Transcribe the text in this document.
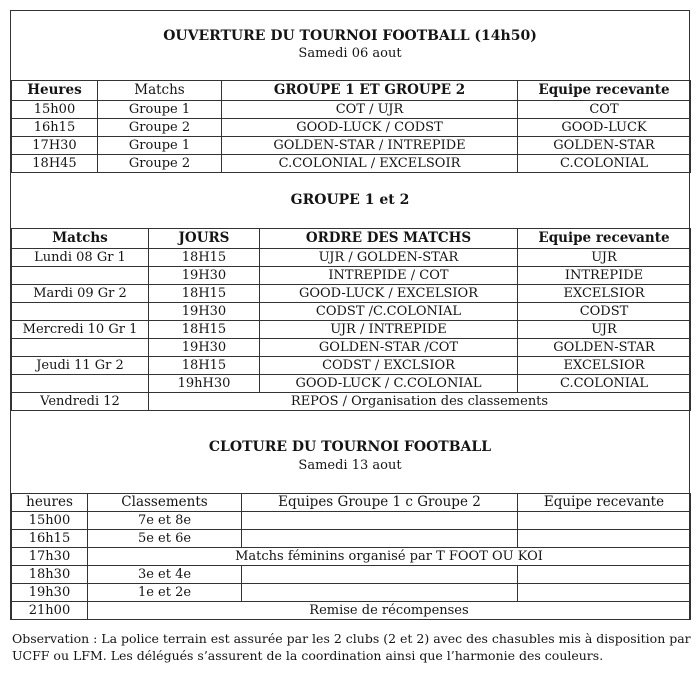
OUVERTURE DU TOURNOI FOOTBALL (14h50)
Samedi 06 aout
Heures	Matchs	GROUPE 1 ET GROUPE 2	Equipe recevante
15h00	Groupe 1	COT / UJR	COT
16h15	Groupe 2	GOOD-LUCK / CODST	GOOD-LUCK
17H30	Groupe 1	GOLDEN-STAR / INTREPIDE	GOLDEN-STAR
18H45	Groupe 2	C.COLONIAL / EXCELSOIR	C.COLONIAL
GROUPE 1 et 2
Matchs	JOURS	ORDRE DES MATCHS	Equipe recevante
Lundi 08 Gr 1	18H15	UJR / GOLDEN-STAR	UJR
	19H30	INTREPIDE / COT	INTREPIDE
Mardi 09 Gr 2	18H15	GOOD-LUCK / EXCELSIOR	EXCELSIOR
	19H30	CODST /C.COLONIAL	CODST
Mercredi 10 Gr 1	18H15	UJR / INTREPIDE	UJR
	19H30	GOLDEN-STAR /COT	GOLDEN-STAR
Jeudi 11 Gr 2	18H15	CODST / EXCLSIOR	EXCELSIOR
	19hH30	GOOD-LUCK / C.COLONIAL	C.COLONIAL
Vendredi 12	REPOS / Organisation des classements		
CLOTURE DU TOURNOI FOOTBALL
Samedi 13 aout
heures	Classements	Equipes Groupe 1 c Groupe 2	Equipe recevante
15h00	7e et 8e		
16h15	5e et 6e		
17h30	Matchs féminins organisé par T FOOT OU KOI		
18h30	3e et 4e		
19h30	1e et 2e		
21h00	Remise de récompenses		
Observation : La police terrain est assurée par les 2 clubs (2 et 2) avec des chasubles mis à disposition par UCFF ou LFM. Les délégués s’assurent de la coordination ainsi que l’harmonie des couleurs.
